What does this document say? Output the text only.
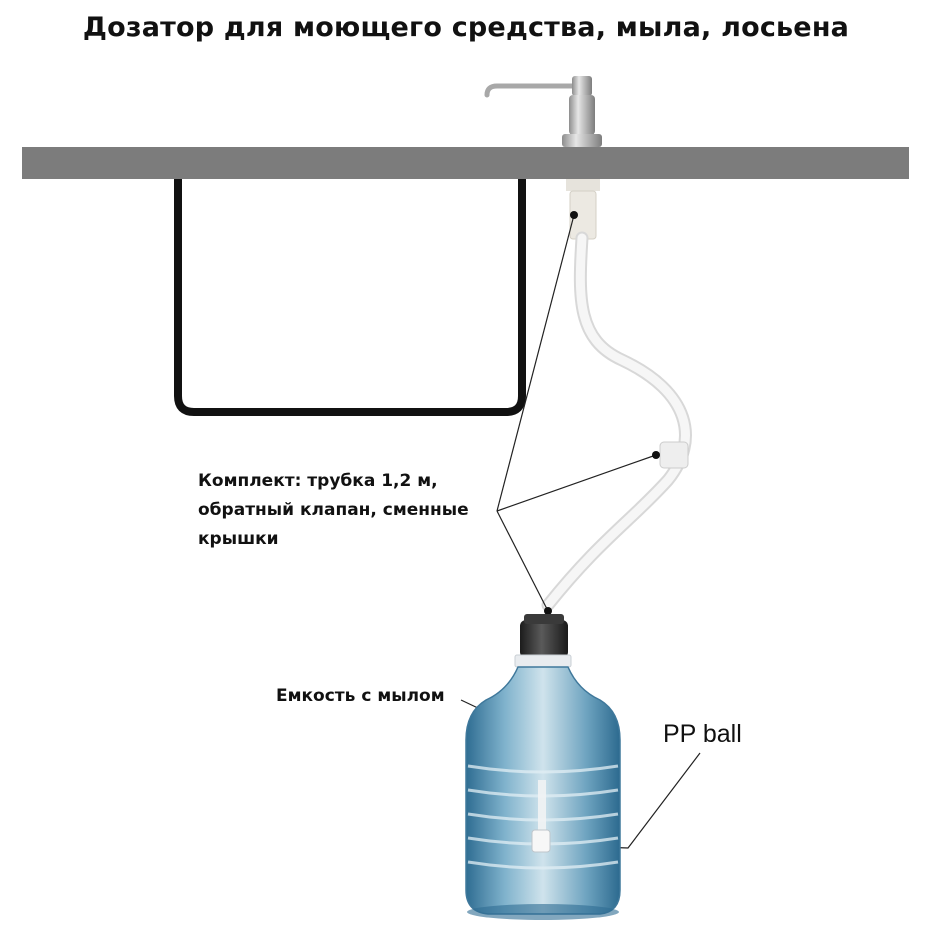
Дозатор для моющего средства, мыла, лосьена
Комплект: трубка 1,2 м, обратный клапан, сменные крышки
Емкость с мылом
PP ball
